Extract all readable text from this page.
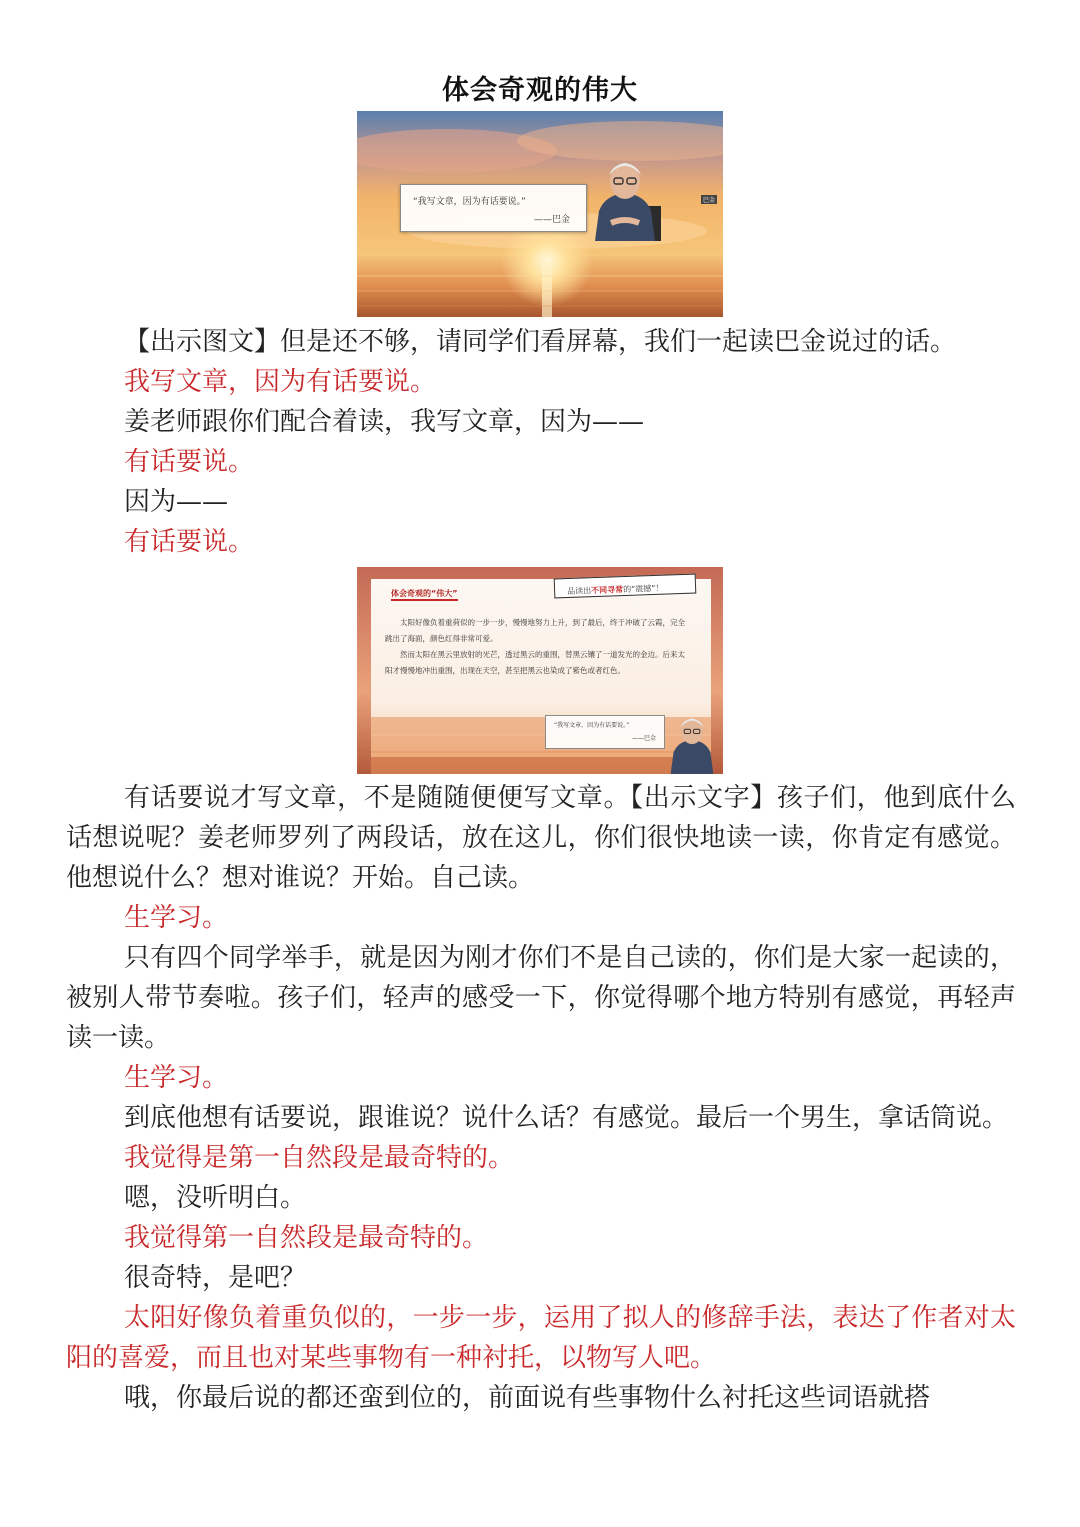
体会奇观的伟大
“我写文章，因为有话要说。”
——巴金
巴金

【出示图文】但是还不够，请同学们看屏幕，我们一起读巴金说过的话。

我写文章，因为有话要说。

姜老师跟你们配合着读，我写文章，因为——

有话要说。

因为——

有话要说。

体会奇观的“伟大”	品读出不同寻常的“震撼”！
太阳好像负着重荷似的一步一步，慢慢地努力上升，到了最后，终于冲破了云霞，完全跳出了海面，颜色红得非常可爱。
然而太阳在黑云里放射的光芒，透过黑云的重围，替黑云镶了一道发光的金边。后来太阳才慢慢地冲出重围，出现在天空，甚至把黑云也染成了紫色或者红色。
“我写文章，因为有话要说。”
——巴金

有话要说才写文章，不是随随便便写文章。【出示文字】孩子们，他到底什么话想说呢？姜老师罗列了两段话，放在这儿，你们很快地读一读，你肯定有感觉。他想说什么？想对谁说？开始。自己读。

生学习。

只有四个同学举手，就是因为刚才你们不是自己读的，你们是大家一起读的，被别人带节奏啦。孩子们，轻声的感受一下，你觉得哪个地方特别有感觉，再轻声读一读。

生学习。

到底他想有话要说，跟谁说？说什么话？有感觉。最后一个男生，拿话筒说。

我觉得是第一自然段是最奇特的。

嗯，没听明白。

我觉得第一自然段是最奇特的。

很奇特，是吧？

太阳好像负着重负似的，一步一步，运用了拟人的修辞手法，表达了作者对太阳的喜爱，而且也对某些事物有一种衬托，以物写人吧。

哦，你最后说的都还蛮到位的，前面说有些事物什么衬托这些词语就搭
